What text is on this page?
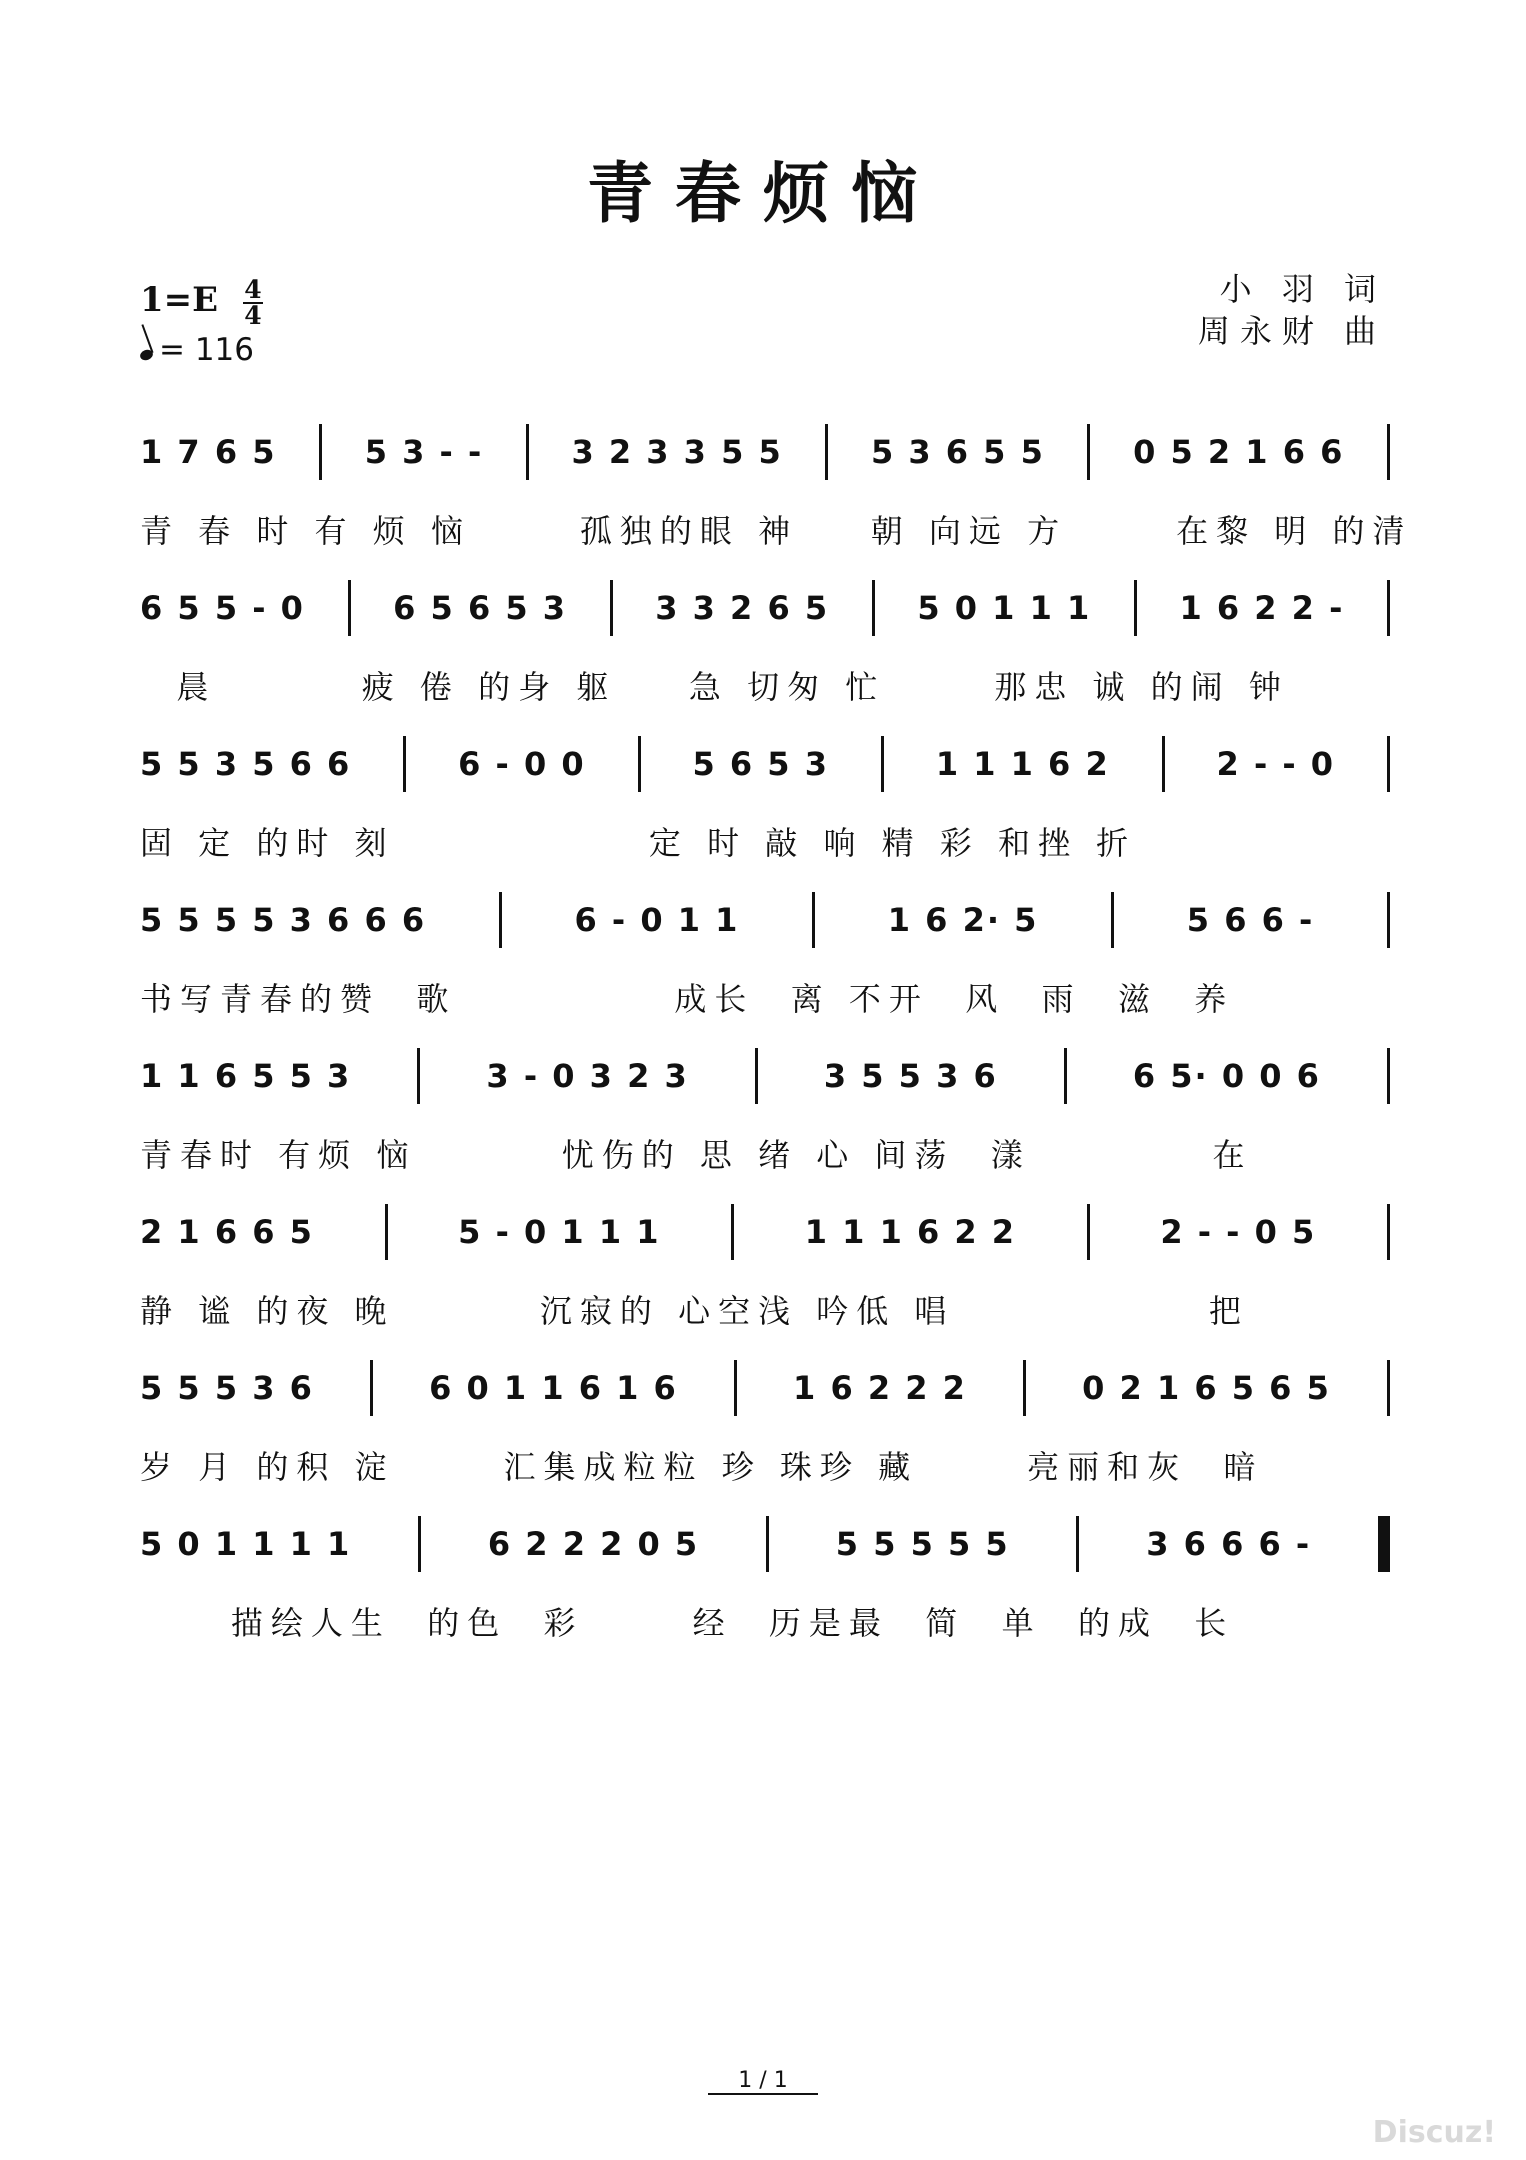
青春烦恼
1=E 4
4
= 116
小 羽 词
周永财 曲
1 7 6 5	5 3 - -	3 2 3 3 5 5	5 3 6 5 5	0 5 2 1 6 6
青 春 时 有 烦 恼      孤独的眼 神    朝 向远 方      在黎 明 的清
6 5 5 - 0	6 5 6 5 3	3 3 2 6 5	5 0 1 1 1	1 6 2 2 -
晨        疲 倦 的身 躯    急 切匆 忙      那忠 诚 的闹 钟
5 5 3 5 6 6	6 - 0 0	5 6 5 3	1 1 1 6 2	2 - - 0
固 定 的时 刻              定 时 敲 响 精 彩 和挫 折
5 5 5 5 3 6 6 6	6 - 0 1 1	1 6 2· 5	5 6 6 -
书写青春的赞  歌            成长  离 不开  风  雨  滋  养
1 1 6 5 5 3	3 - 0 3 2 3	3 5 5 3 6	6 5· 0 0 6
青春时 有烦 恼        忧伤的 思 绪 心 间荡  漾          在
2 1 6 6 5	5 - 0 1 1 1	1 1 1 6 2 2	2 - - 0 5
静 谧 的夜 晚        沉寂的 心空浅 吟低 唱              把
5 5 5 3 6	6 0 1 1 6 1 6	1 6 2 2 2	0 2 1 6 5 6 5
岁 月 的积 淀      汇集成粒粒 珍 珠珍 藏      亮丽和灰  暗
5 0 1 1 1 1	6 2 2 2 0 5	5 5 5 5 5	3 6 6 6 -
描绘人生  的色  彩      经  历是最  简  单  的成  长
1 / 1
Discuz!
